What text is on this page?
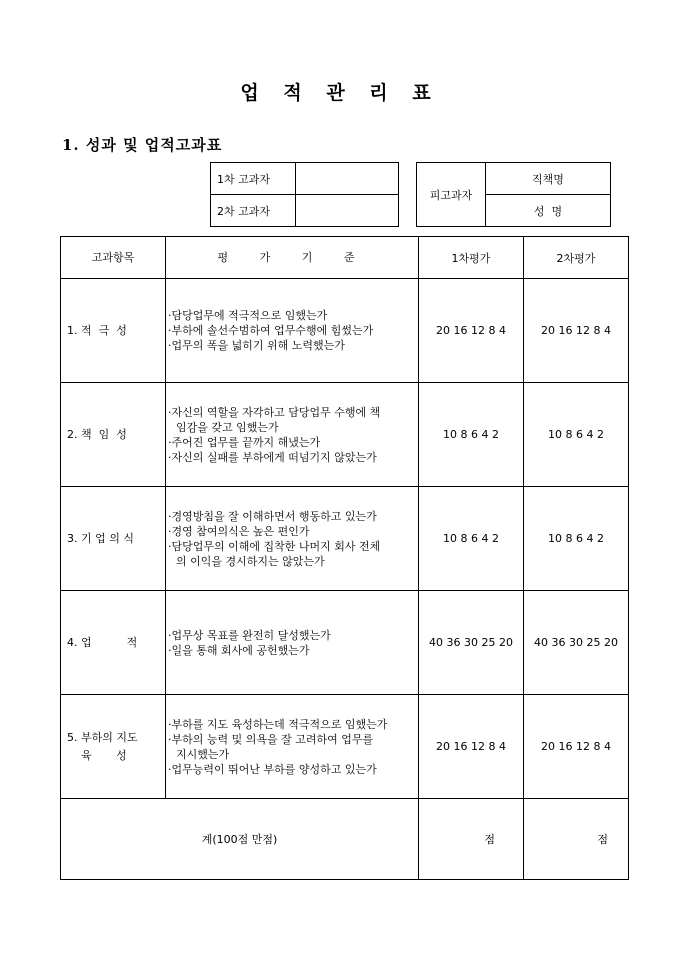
업 적 관 리 표
1. 성과 및 업적고과표
1차 고과자	
2차 고과자	
피고과자	직책명
성  명
고과항목	평 가 기 준	1차평가	2차평가
1. 적  극  성	·담당업무에 적극적으로 임했는가
·부하에 솔선수범하여 업무수행에 힘썼는가
·업무의 폭을 넓히기 위해 노력했는가	20 16 12 8 4	20 16 12 8 4
2. 책  임  성	·자신의 역할을 자각하고 담당업무 수행에 책
임감을 갖고 임했는가
·주어진 업무를 끝까지 해냈는가
·자신의 실패를 부하에게 떠넘기지 않았는가	10 8 6 4 2	10 8 6 4 2
3. 기 업 의 식	·경영방침을 잘 이해하면서 행동하고 있는가
·경영 참여의식은 높은 편인가
·담당업무의 이해에 집착한 나머지 회사 전체
의 이익을 경시하지는 않았는가	10 8 6 4 2	10 8 6 4 2
4. 업          적	·업무상 목표를 완전히 달성했는가
·일을 통해 회사에 공헌했는가	40 36 30 25 20	40 36 30 25 20
5. 부하의 지도
육       성	·부하를 지도 육성하는데 적극적으로 임했는가
·부하의 능력 및 의욕을 잘 고려하여 업무를
지시했는가
·업무능력이 뛰어난 부하를 양성하고 있는가	20 16 12 8 4	20 16 12 8 4
계(100점 만점)		점	점
